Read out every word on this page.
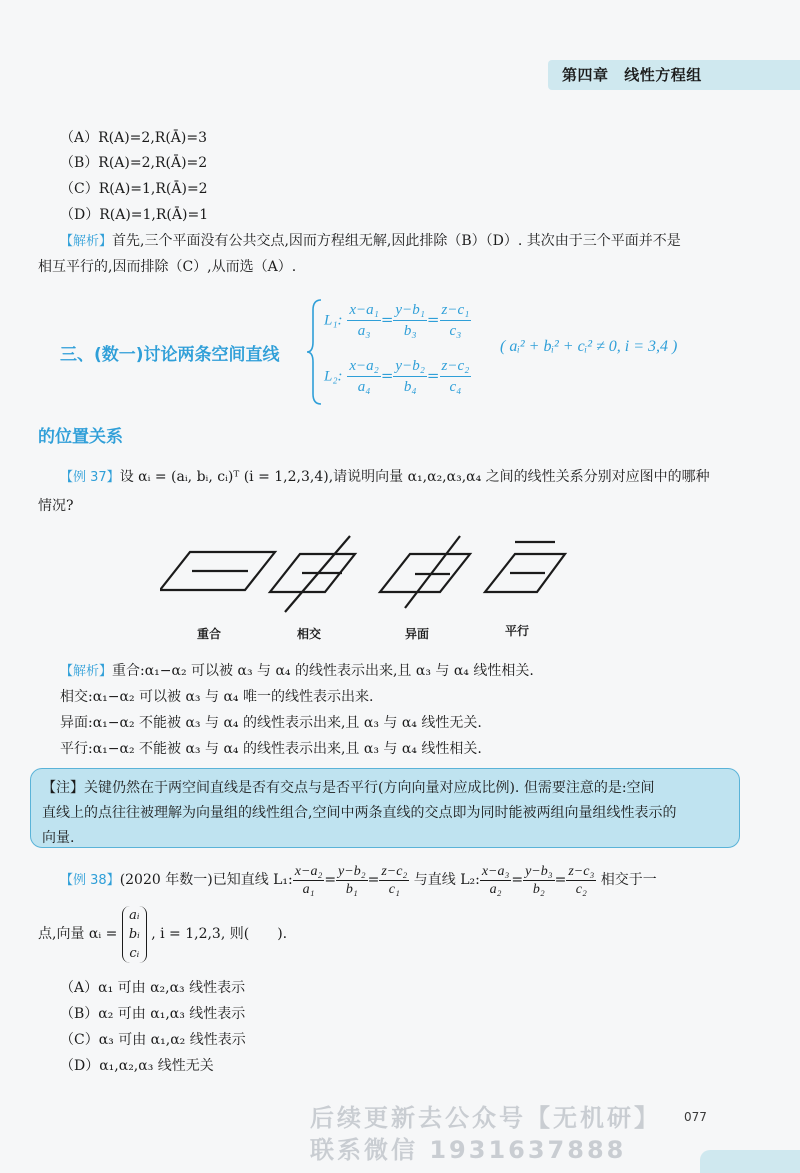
第四章 线性方程组
（A）R(A)=2,R(Ā)=3
（B）R(A)=2,R(Ā)=2
（C）R(A)=1,R(Ā)=2
（D）R(A)=1,R(Ā)=1
【解析】首先,三个平面没有公共交点,因而方程组无解,因此排除（B）（D）. 其次由于三个平面并不是
相互平行的,因而排除（C）,从而选（A）.
三、(数一)讨论两条空间直线
L₁: $\frac{\text{x−a₁}}{\text{a₃}} = \frac{\text{y−b₁}}{\text{b₃}} = \frac{\text{z−c₁}}{\text{c₃}}$
L₂: $\frac{\text{x−a₂}}{\text{a₄}} = \frac{\text{y−b₂}}{\text{b₄}} = \frac{\text{z−c₂}}{\text{c₄}}$
( aᵢ² + bᵢ² + cᵢ² ≠ 0, i = 3,4 )
的位置关系
【例 37】设 αᵢ = (aᵢ, bᵢ, cᵢ)ᵀ (i = 1,2,3,4),请说明向量 α₁,α₂,α₃,α₄ 之间的线性关系分别对应图中的哪种
情况?
重合	相交	异面	平行
【解析】重合:α₁−α₂ 可以被 α₃ 与 α₄ 的线性表示出来,且 α₃ 与 α₄ 线性相关.
相交:α₁−α₂ 可以被 α₃ 与 α₄ 唯一的线性表示出来.
异面:α₁−α₂ 不能被 α₃ 与 α₄ 的线性表示出来,且 α₃ 与 α₄ 线性无关.
平行:α₁−α₂ 不能被 α₃ 与 α₄ 的线性表示出来,且 α₃ 与 α₄ 线性相关.
【注】关键仍然在于两空间直线是否有交点与是否平行(方向向量对应成比例). 但需要注意的是:空间
直线上的点往往被理解为向量组的线性组合,空间中两条直线的交点即为同时能被两组向量组线性表示的
向量.
【例 38】(2020 年数一)已知直线 L₁: $\frac{\text{x−a₂}}{\text{a₁}} = \frac{\text{y−b₂}}{\text{b₁}} = \frac{\text{z−c₂}}{\text{c₁}}$ 与直线 L₂: $\frac{\text{x−a₃}}{\text{a₂}} = \frac{\text{y−b₃}}{\text{b₂}} = \frac{\text{z−c₃}}{\text{c₂}}$ 相交于一
点,向量 αᵢ =
aᵢ
bᵢ
cᵢ
, i = 1,2,3, 则(　　).
（A）α₁ 可由 α₂,α₃ 线性表示
（B）α₂ 可由 α₁,α₃ 线性表示
（C）α₃ 可由 α₁,α₂ 线性表示
（D）α₁,α₂,α₃ 线性无关
后续更新去公众号【无机研】
联系微信 1931637888
077
